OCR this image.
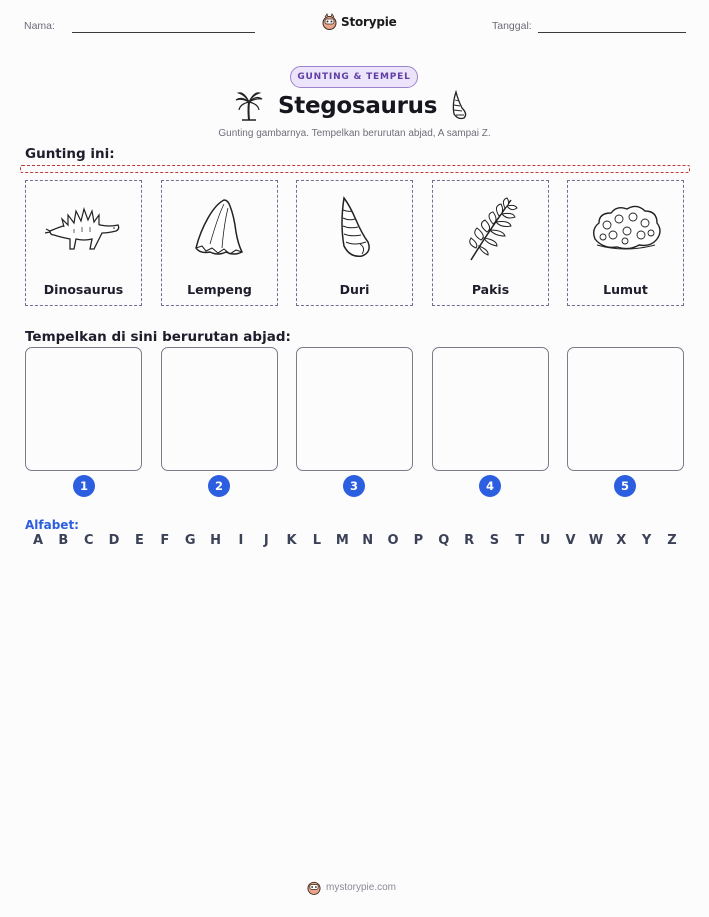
Nama:	Storypie	Tanggal:
GUNTING & TEMPEL
Stegosaurus
Gunting gambarnya. Tempelkan berurutan abjad, A sampai Z.
Gunting ini:
Dinosaurus	Lempeng	Duri	Pakis	Lumut
Tempelkan di sini berurutan abjad:
1	2	3	4	5
Alfabet:
A B C D E F G H	I	J	K L M N O P Q R S T U V W X Y Z
mystorypie.com
